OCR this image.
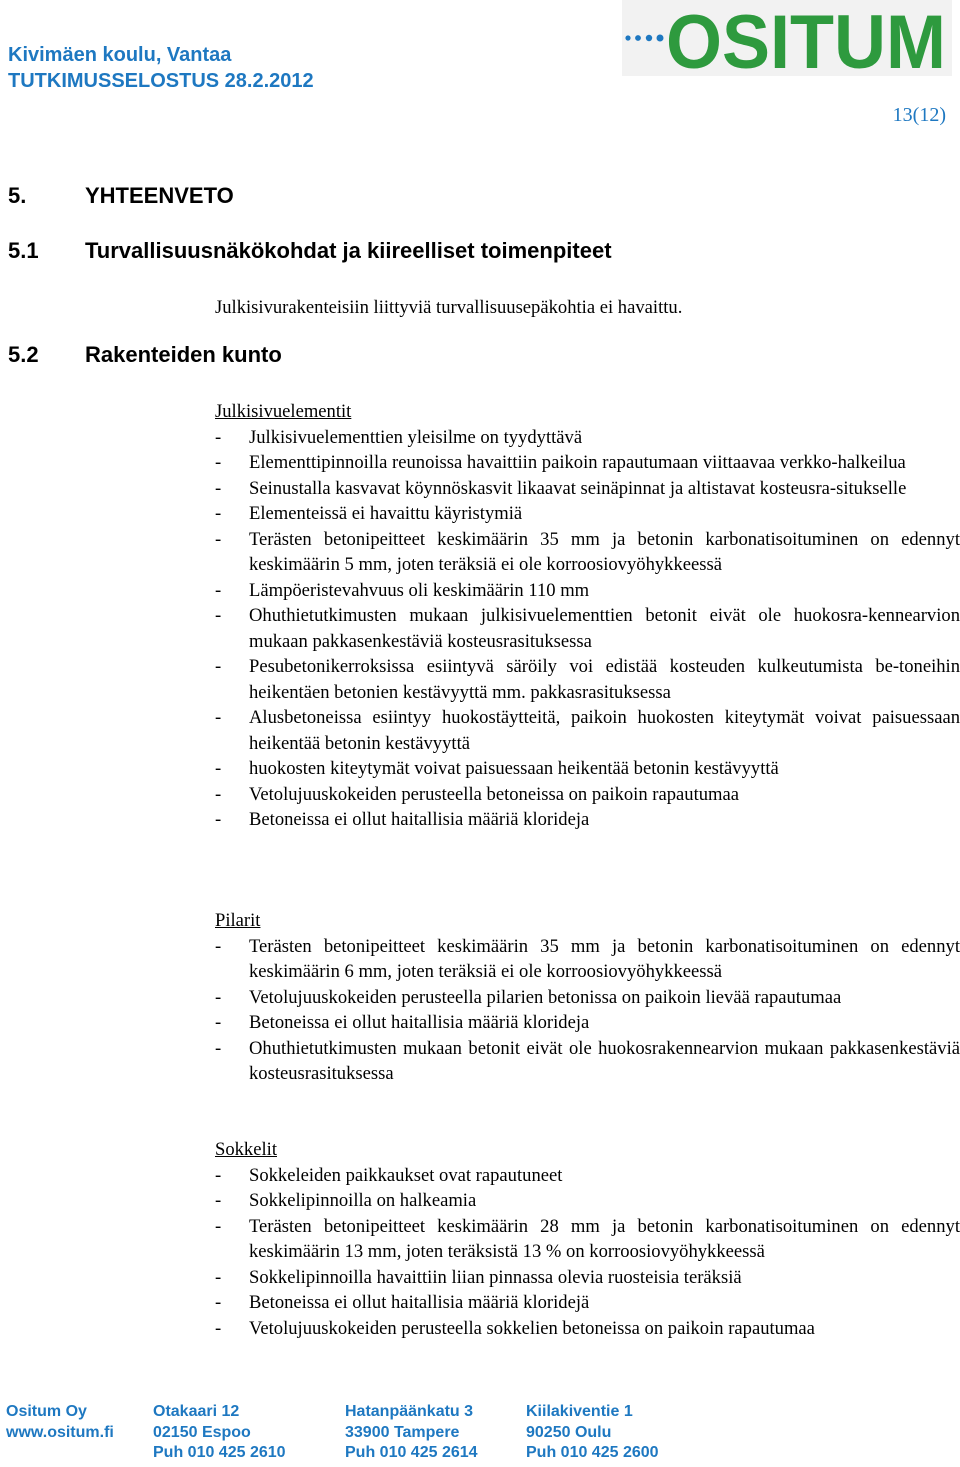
Kivimäen koulu, Vantaa
TUTKIMUSSELOSTUS 28.2.2012	OSITUM
13(12)
5.	YHTEENVETO
5.1 Turvallisuusnäkökohdat ja kiireelliset toimenpiteet
Julkisivurakenteisiin liittyviä turvallisuusepäkohtia ei havaittu.
5.2 Rakenteiden kunto
Julkisivuelementit
-	Julkisivuelementtien yleisilme on tyydyttävä
-	Elementtipinnoilla reunoissa havaittiin paikoin rapautumaan viittaavaa verkko-halkeilua
-	Seinustalla kasvavat köynnöskasvit likaavat seinäpinnat ja altistavat kosteusra-situkselle
-	Elementeissä ei havaittu käyristymiä
-	Terästen betonipeitteet keskimäärin 35 mm ja betonin karbonatisoituminen on edennyt keskimäärin 5 mm, joten teräksiä ei ole korroosiovyöhykkeessä
-	Lämpöeristevahvuus oli keskimäärin 110 mm
-	Ohuthietutkimusten mukaan julkisivuelementtien betonit eivät ole huokosra-kennearvion mukaan pakkasenkestäviä kosteusrasituksessa
-	Pesubetonikerroksissa esiintyvä säröily voi edistää kosteuden kulkeutumista be-toneihin heikentäen betonien kestävyyttä mm. pakkasrasituksessa
-	Alusbetoneissa esiintyy huokostäytteitä, paikoin huokosten kiteytymät voivat paisuessaan heikentää betonin kestävyyttä
-	huokosten kiteytymät voivat paisuessaan heikentää betonin kestävyyttä
-	Vetolujuuskokeiden perusteella betoneissa on paikoin rapautumaa
-	Betoneissa ei ollut haitallisia määriä klorideja
Pilarit
-	Terästen betonipeitteet keskimäärin 35 mm ja betonin karbonatisoituminen on edennyt keskimäärin 6 mm, joten teräksiä ei ole korroosiovyöhykkeessä
-	Vetolujuuskokeiden perusteella pilarien betonissa on paikoin lievää rapautumaa
-	Betoneissa ei ollut haitallisia määriä klorideja
-	Ohuthietutkimusten mukaan betonit eivät ole huokosrakennearvion mukaan pakkasenkestäviä kosteusrasituksessa
Sokkelit
-	Sokkeleiden paikkaukset ovat rapautuneet
-	Sokkelipinnoilla on halkeamia
-	Terästen betonipeitteet keskimäärin 28 mm ja betonin karbonatisoituminen on edennyt keskimäärin 13 mm, joten teräksistä 13 % on korroosiovyöhykkeessä
-	Sokkelipinnoilla havaittiin liian pinnassa olevia ruosteisia teräksiä
-	Betoneissa ei ollut haitallisia määriä kloridejä
-	Vetolujuuskokeiden perusteella sokkelien betoneissa on paikoin rapautumaa
Ositum Oy
www.ositum.fi
Otakaari 12
02150 Espoo
Puh 010 425 2610
Hatanpäänkatu 3
33900 Tampere
Puh 010 425 2614
Kiilakiventie 1
90250 Oulu
Puh 010 425 2600
